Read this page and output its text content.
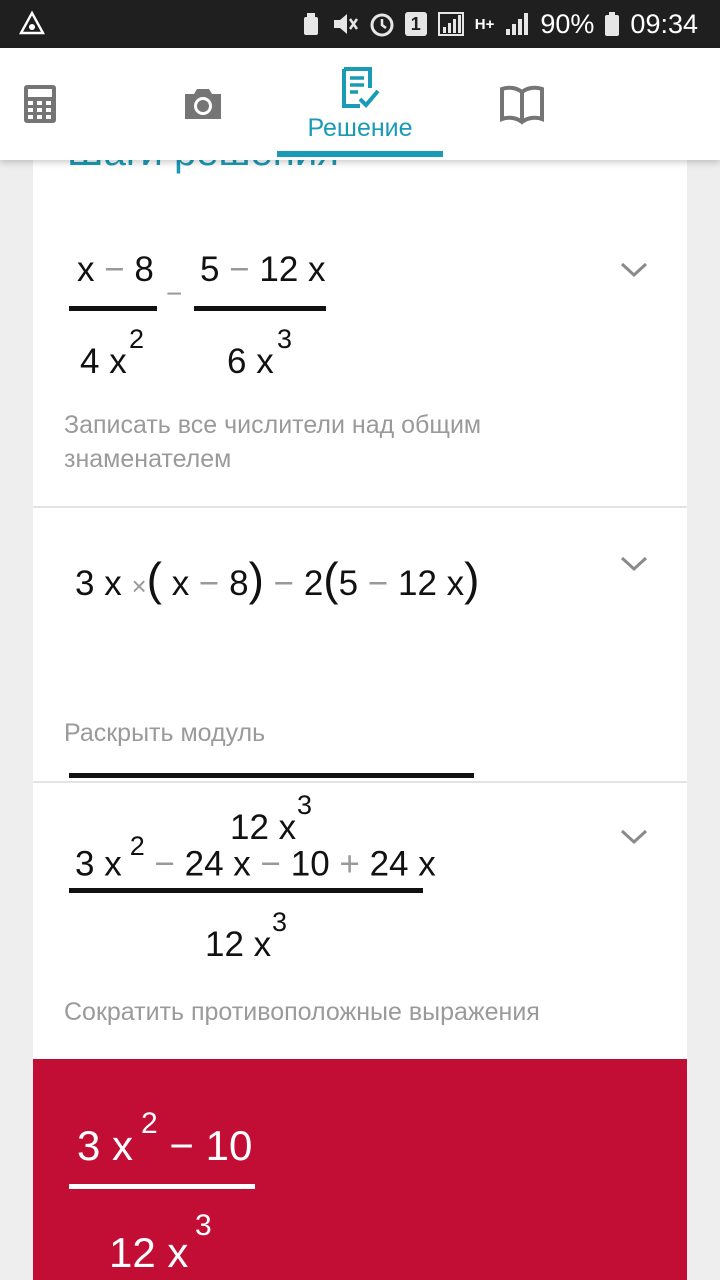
1	H+ 90% 09:34
Решение
x − 8
4 x
2
−
5 − 12 x
6 x
3
Записать все числители над общим знаменателем
3 x ×( x − 8) − 2(5 − 12 x)
12 x
3
Раскрыть модуль
3 x $^2$ − 24 x − 10 + 24 x
12 x
3
Сократить противоположные выражения
3 x $^2$ − 10
12 x
3
